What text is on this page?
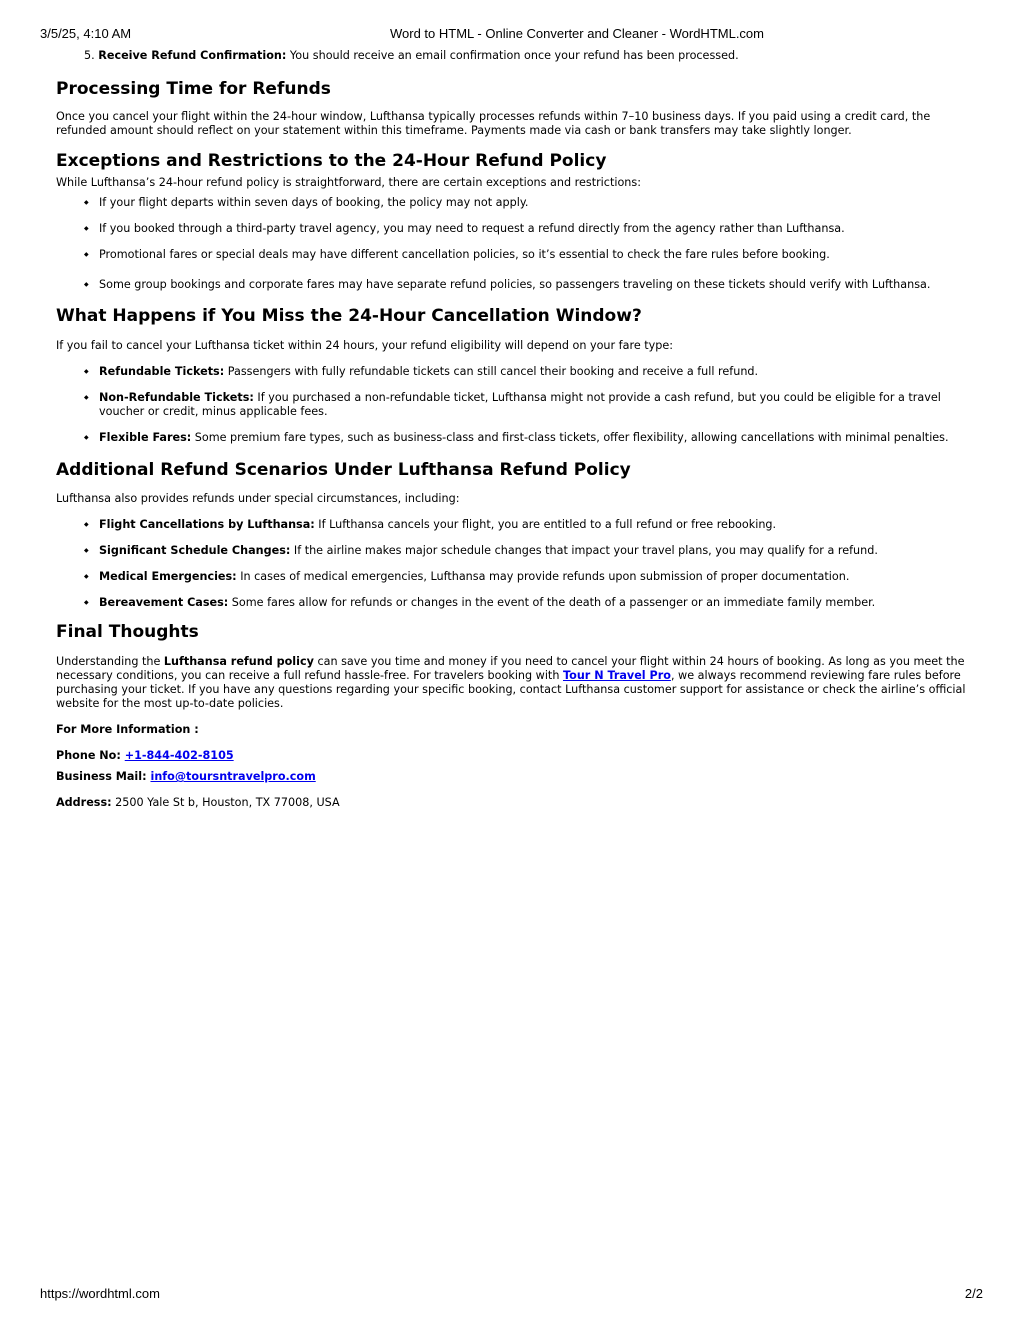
3/5/25, 4:10 AM	Word to HTML - Online Converter and Cleaner - WordHTML.com

5. Receive Refund Confirmation: You should receive an email confirmation once your refund has been processed.

Processing Time for Refunds

Once you cancel your flight within the 24-hour window, Lufthansa typically processes refunds within 7–10 business days. If you paid using a credit card, the refunded amount should reflect on your statement within this timeframe. Payments made via cash or bank transfers may take slightly longer.

Exceptions and Restrictions to the 24-Hour Refund Policy

While Lufthansa’s 24-hour refund policy is straightforward, there are certain exceptions and restrictions:

◆ If your flight departs within seven days of booking, the policy may not apply.
◆ If you booked through a third-party travel agency, you may need to request a refund directly from the agency rather than Lufthansa.
◆ Promotional fares or special deals may have different cancellation policies, so it’s essential to check the fare rules before booking.
◆ Some group bookings and corporate fares may have separate refund policies, so passengers traveling on these tickets should verify with Lufthansa.
What Happens if You Miss the 24-Hour Cancellation Window?

If you fail to cancel your Lufthansa ticket within 24 hours, your refund eligibility will depend on your fare type:

◆ Refundable Tickets: Passengers with fully refundable tickets can still cancel their booking and receive a full refund.
◆ Non-Refundable Tickets: If you purchased a non-refundable ticket, Lufthansa might not provide a cash refund, but you could be eligible for a travel voucher or credit, minus applicable fees.
◆ Flexible Fares: Some premium fare types, such as business-class and first-class tickets, offer flexibility, allowing cancellations with minimal penalties.
Additional Refund Scenarios Under Lufthansa Refund Policy

Lufthansa also provides refunds under special circumstances, including:

◆ Flight Cancellations by Lufthansa: If Lufthansa cancels your flight, you are entitled to a full refund or free rebooking.
◆ Significant Schedule Changes: If the airline makes major schedule changes that impact your travel plans, you may qualify for a refund.
◆ Medical Emergencies: In cases of medical emergencies, Lufthansa may provide refunds upon submission of proper documentation.
◆ Bereavement Cases: Some fares allow for refunds or changes in the event of the death of a passenger or an immediate family member.
Final Thoughts

Understanding the Lufthansa refund policy can save you time and money if you need to cancel your flight within 24 hours of booking. As long as you meet the necessary conditions, you can receive a full refund hassle-free. For travelers booking with Tour N Travel Pro, we always recommend reviewing fare rules before purchasing your ticket. If you have any questions regarding your specific booking, contact Lufthansa customer support for assistance or check the airline’s official website for the most up-to-date policies.

For More Information :

Phone No: +1-844-402-8105

Business Mail: info@toursntravelpro.com

Address: 2500 Yale St b, Houston, TX 77008, USA

https://wordhtml.com	2/2
